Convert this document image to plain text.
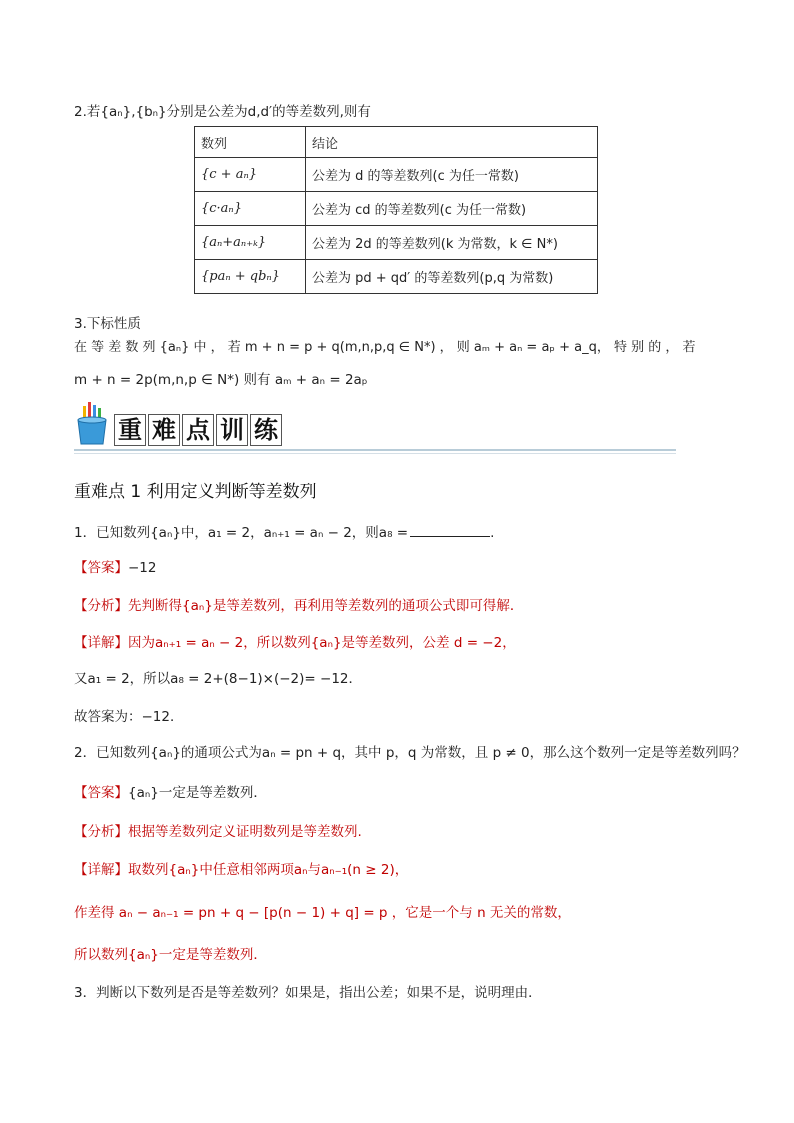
2.若{aₙ},{bₙ}分别是公差为d,d′的等差数列,则有
数列	结论
{c + aₙ}	公差为 d 的等差数列(c 为任一常数)
{c·aₙ}	公差为 cd 的等差数列(c 为任一常数)
{aₙ+aₙ₊ₖ}	公差为 2d 的等差数列(k 为常数，k ∈ N*)
{paₙ + qbₙ}	公差为 pd + qd′ 的等差数列(p,q 为常数)
3.下标性质
在 等 差 数 列 {aₙ} 中 ， 若 m + n = p + q(m,n,p,q ∈ N*) ， 则 aₘ + aₙ = aₚ + a_q， 特 别 的 ， 若
m + n = 2p(m,n,p ∈ N*) 则有 aₘ + aₙ = 2aₚ
重 难 点 训 练
重难点 1 利用定义判断等差数列
1．已知数列{aₙ}中，a₁ = 2，aₙ₊₁ = aₙ − 2，则a₈ =	.
【答案】−12
【分析】先判断得{aₙ}是等差数列，再利用等差数列的通项公式即可得解．
【详解】因为aₙ₊₁ = aₙ − 2，所以数列{aₙ}是等差数列，公差 d = −2，
又a₁ = 2，所以a₈ = 2+(8−1)×(−2)= −12．
故答案为：−12．
2．已知数列{aₙ}的通项公式为aₙ = pn + q，其中 p，q 为常数，且 p ≠ 0，那么这个数列一定是等差数列吗？
【答案】{aₙ}一定是等差数列．
【分析】根据等差数列定义证明数列是等差数列.
【详解】取数列{aₙ}中任意相邻两项aₙ与aₙ₋₁(n ≥ 2)，
作差得 aₙ − aₙ₋₁ = pn + q − [p(n − 1) + q] = p ，它是一个与 n 无关的常数，
所以数列{aₙ}一定是等差数列．
3．判断以下数列是否是等差数列？如果是，指出公差；如果不是，说明理由．
